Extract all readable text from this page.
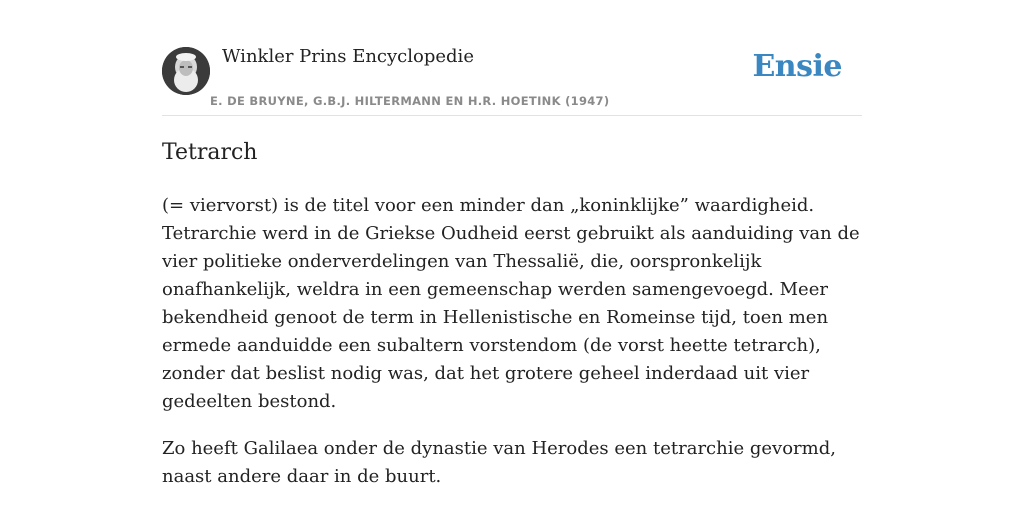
Winkler Prins Encyclopedie
E. DE BRUYNE, G.B.J. HILTERMANN EN H.R. HOETINK (1947)
Ensie
Tetrarch

(= viervorst) is de titel voor een minder dan „koninklijke” waardigheid. Tetrarchie werd in de Griekse Oudheid eerst gebruikt als aanduiding van de vier politieke onderverdelingen van Thessalië, die, oorspronkelijk onafhankelijk, weldra in een gemeenschap werden samengevoegd. Meer bekendheid genoot de term in Hellenistische en Romeinse tijd, toen men ermede aanduidde een subaltern vorstendom (de vorst heette tetrarch), zonder dat beslist nodig was, dat het grotere geheel inderdaad uit vier gedeelten bestond.

Zo heeft Galilaea onder de dynastie van Herodes een tetrarchie gevormd, naast andere daar in de buurt.
